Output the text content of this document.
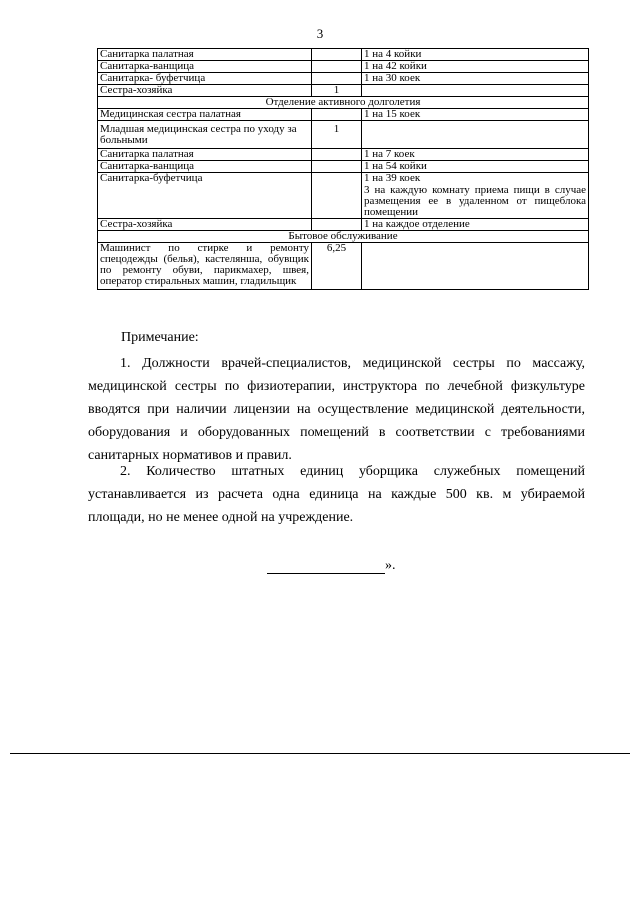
3
Санитарка палатная		1 на 4 койки
Санитарка-ванщица		1 на 42 койки
Санитарка- буфетчица		1 на 30 коек
Сестра-хозяйка	1	
Отделение активного долголетия		
Медицинская сестра палатная		1 на 15 коек
Младшая медицинская сестра по уходу за больными	1	
Санитарка палатная		1 на 7 коек
Санитарка-ванщица		1 на 54 койки
Санитарка-буфетчица		1 на 39 коек
3 на каждую комнату приема пищи в случае размещения ее в удаленном от пищеблока помещении

Сестра-хозяйка		1 на каждое отделение
Бытовое обслуживание		
Машинист по стирке и ремонту спецодежды (белья), кастелянша, обувщик по ремонту обуви, парикмахер, швея, оператор стиральных машин, гладильщик	6,25	
Примечание:

1. Должности врачей-специалистов, медицинской сестры по массажу, медицинской сестры по физиотерапии, инструктора по лечебной физкультуре вводятся при наличии лицензии на осуществление медицинской деятельности, оборудования и оборудованных помещений в соответствии с требованиями санитарных нормативов и правил.

2. Количество штатных единиц уборщика служебных помещений устанавливается из расчета одна единица на каждые 500 кв. м убираемой площади, но не менее одной на учреждение.

».
